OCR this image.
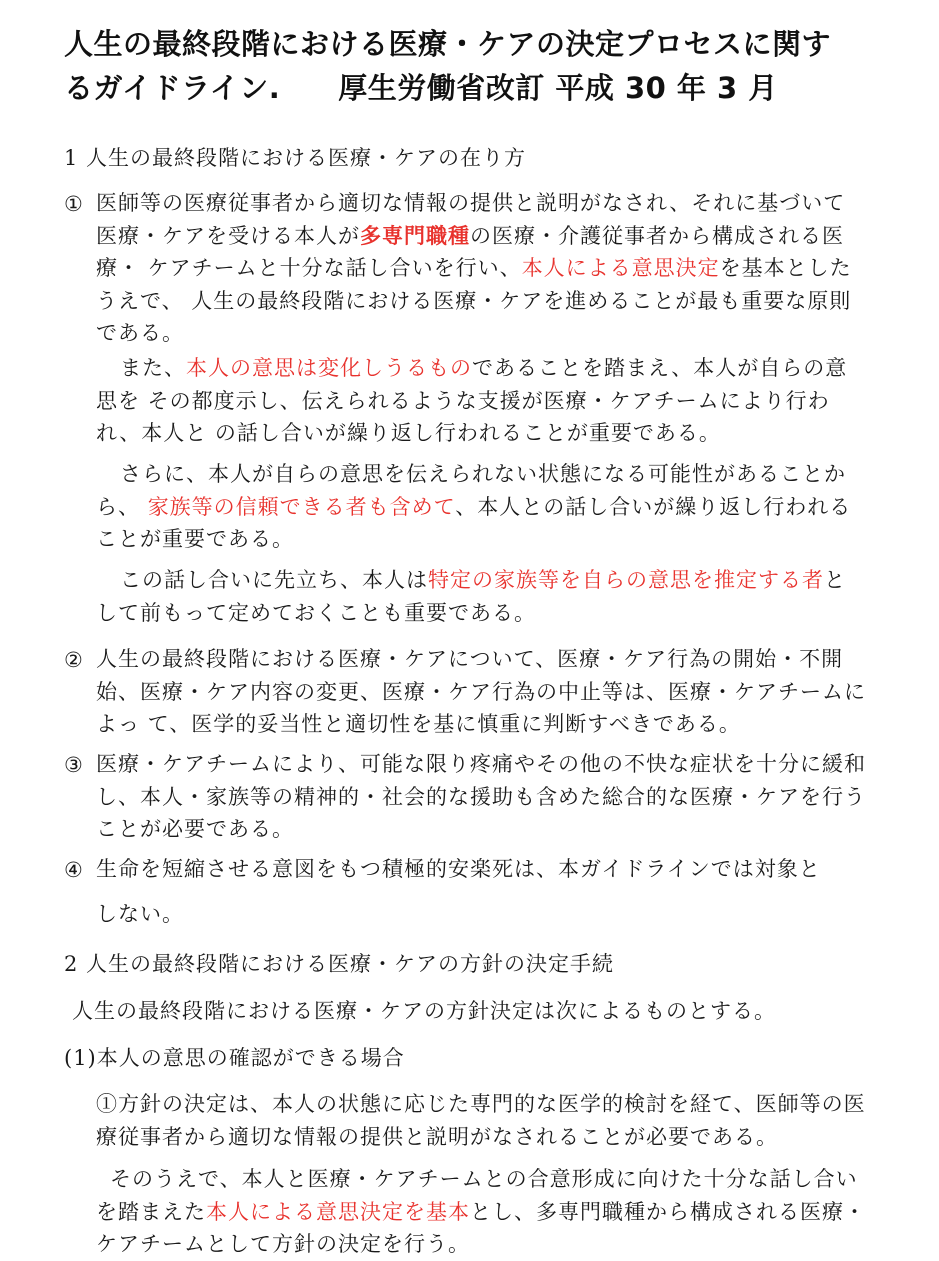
人生の最終段階における医療・ケアの決定プロセスに関す
るガイドライン. 厚生労働省改訂 平成 30 年 3 月
1 人生の最終段階における医療・ケアの在り方
① 医師等の医療従事者から適切な情報の提供と説明がなされ、それに基づいて 医療・ケアを受ける本人が多専門職種の医療・介護従事者から構成される医療・ ケアチームと十分な話し合いを行い、本人による意思決定を基本としたうえで、 人生の最終段階における医療・ケアを進めることが最も重要な原則である。
また、本人の意思は変化しうるものであることを踏まえ、本人が自らの意思を その都度示し、伝えられるような支援が医療・ケアチームにより行われ、本人と の話し合いが繰り返し行われることが重要である。
さらに、本人が自らの意思を伝えられない状態になる可能性があることから、 家族等の信頼できる者も含めて、本人との話し合いが繰り返し行われることが重要である。
この話し合いに先立ち、本人は特定の家族等を自らの意思を推定する者として前もって定めておくことも重要である。
② 人生の最終段階における医療・ケアについて、医療・ケア行為の開始・不開始、医療・ケア内容の変更、医療・ケア行為の中止等は、医療・ケアチームによっ て、医学的妥当性と適切性を基に慎重に判断すべきである。
③ 医療・ケアチームにより、可能な限り疼痛やその他の不快な症状を十分に緩和し、本人・家族等の精神的・社会的な援助も含めた総合的な医療・ケアを行うことが必要である。
④ 生命を短縮させる意図をもつ積極的安楽死は、本ガイドラインでは対象と
しない。
2 人生の最終段階における医療・ケアの方針の決定手続
人生の最終段階における医療・ケアの方針決定は次によるものとする。
(1)本人の意思の確認ができる場合
①方針の決定は、本人の状態に応じた専門的な医学的検討を経て、医師等の医療従事者から適切な情報の提供と説明がなされることが必要である。
そのうえで、本人と医療・ケアチームとの合意形成に向けた十分な話し合い を踏まえた本人による意思決定を基本とし、多専門職種から構成される医療・ ケアチームとして方針の決定を行う。
